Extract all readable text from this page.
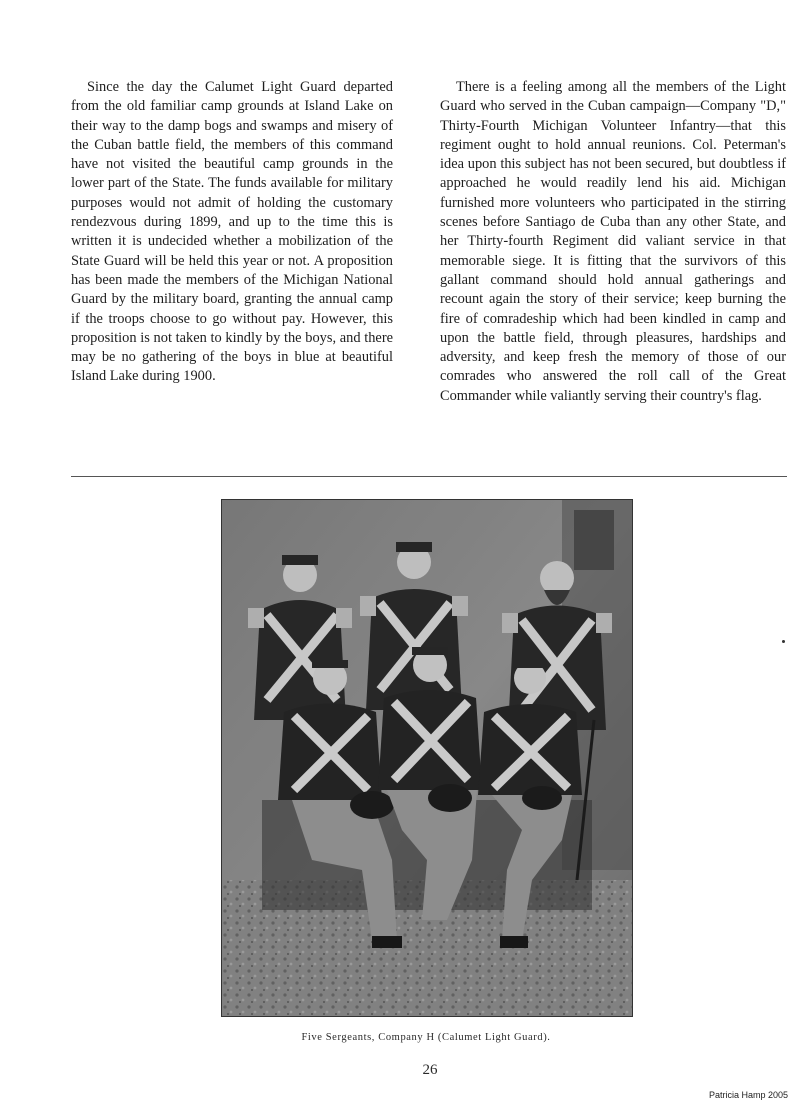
Since the day the Calumet Light Guard departed from the old familiar camp grounds at Island Lake on their way to the damp bogs and swamps and misery of the Cuban battle field, the members of this command have not visited the beautiful camp grounds in the lower part of the State. The funds available for military purposes would not admit of holding the customary rendezvous during 1899, and up to the time this is written it is undecided whether a mobilization of the State Guard will be held this year or not. A proposition has been made the members of the Michigan National Guard by the military board, granting the annual camp if the troops choose to go without pay. However, this proposition is not taken to kindly by the boys, and there may be no gathering of the boys in blue at beautiful Island Lake during 1900.
There is a feeling among all the members of the Light Guard who served in the Cuban campaign—Company "D," Thirty-Fourth Michigan Volunteer Infantry—that this regiment ought to hold annual reunions. Col. Peterman's idea upon this subject has not been secured, but doubtless if approached he would readily lend his aid. Michigan furnished more volunteers who participated in the stirring scenes before Santiago de Cuba than any other State, and her Thirty-fourth Regiment did valiant service in that memorable siege. It is fitting that the survivors of this gallant command should hold annual gatherings and recount again the story of their service; keep burning the fire of comradeship which had been kindled in camp and upon the battle field, through pleasures, hardships and adversity, and keep fresh the memory of those of our comrades who answered the roll call of the Great Commander while valiantly serving their country's flag.
Five Sergeants, Company H (Calumet Light Guard).
26
Patricia Hamp 2005
